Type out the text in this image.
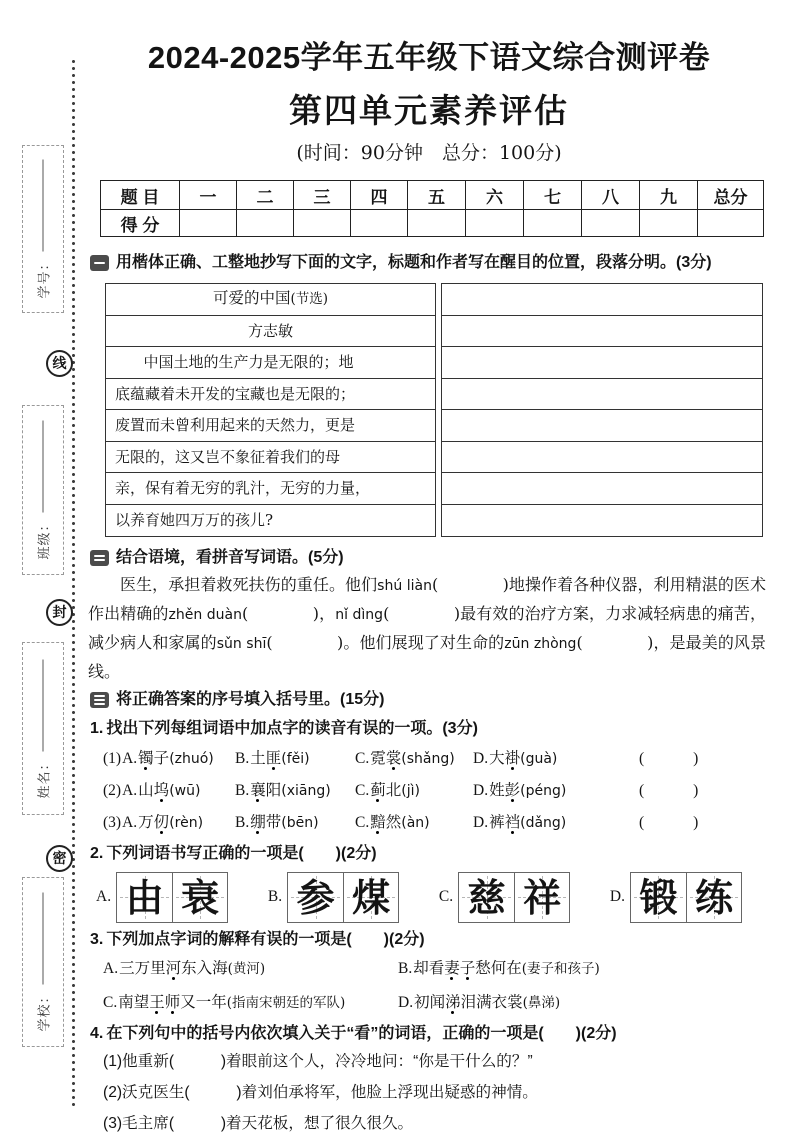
学号：
线
班级：
封
姓名：
密
学校：
2024-2025学年五年级下语文综合测评卷
第四单元素养评估
(时间：90分钟　总分：100分)
题 目	一	二	三	四	五	六	七	八	九	总分
得 分										
用楷体正确、工整地抄写下面的文字，标题和作者写在醒目的位置，段落分明。(3分)
可爱的中国(节选)
方志敏
中国土地的生产力是无限的；地
底蕴藏着未开发的宝藏也是无限的；
废置而未曾利用起来的天然力，更是
无限的，这又岂不象征着我们的母
亲，保有着无穷的乳汁，无穷的力量，
以养育她四万万的孩儿?
结合语境，看拼音写词语。(5分)
医生，承担着救死扶伤的重任。他们shú liàn(　　　　)地操作着各种仪器，利用精湛的医术作出精确的zhěn duàn(　　　　)，nǐ dìng(　　　　)最有效的治疗方案，力求减轻病患的痛苦，减少病人和家属的sǔn shī(　　　　)。他们展现了对生命的zūn zhòng(　　　　)，是最美的风景线。
将正确答案的序号填入括号里。(15分)
1. 找出下列每组词语中加点字的读音有误的一项。(3分)
(1)A.镯子(zhuó)	B.土匪(fěi)	C.霓裳(shǎng)	D.大褂(guà)	(　　)
(2)A.山坞(wū)	B.襄阳(xiāng)	C.蓟北(jì)	D.姓彭(péng)	(　　)
(3)A.万仞(rèn)	B.绷带(bēn)	C.黯然(àn)	D.裤裆(dǎng)	(　　)
2. 下列词语书写正确的一项是(　　)(2分)
A. 由 衰	B. 参 煤	C. 慈 祥	D. 锻 练
3. 下列加点字词的解释有误的一项是(　　)(2分)
A.三万里河东入海(黄河)	B.却看妻子愁何在(妻子和孩子)
C.南望王师又一年(指南宋朝廷的军队)	D.初闻涕泪满衣裳(鼻涕)
4. 在下列句中的括号内依次填入关于“看”的词语，正确的一项是(　　)(2分)
(1)他重新(　　　)着眼前这个人，冷冷地问：“你是干什么的？”
(2)沃克医生(　　　)着刘伯承将军，他脸上浮现出疑惑的神情。
(3)毛主席(　　　)着天花板，想了很久很久。
